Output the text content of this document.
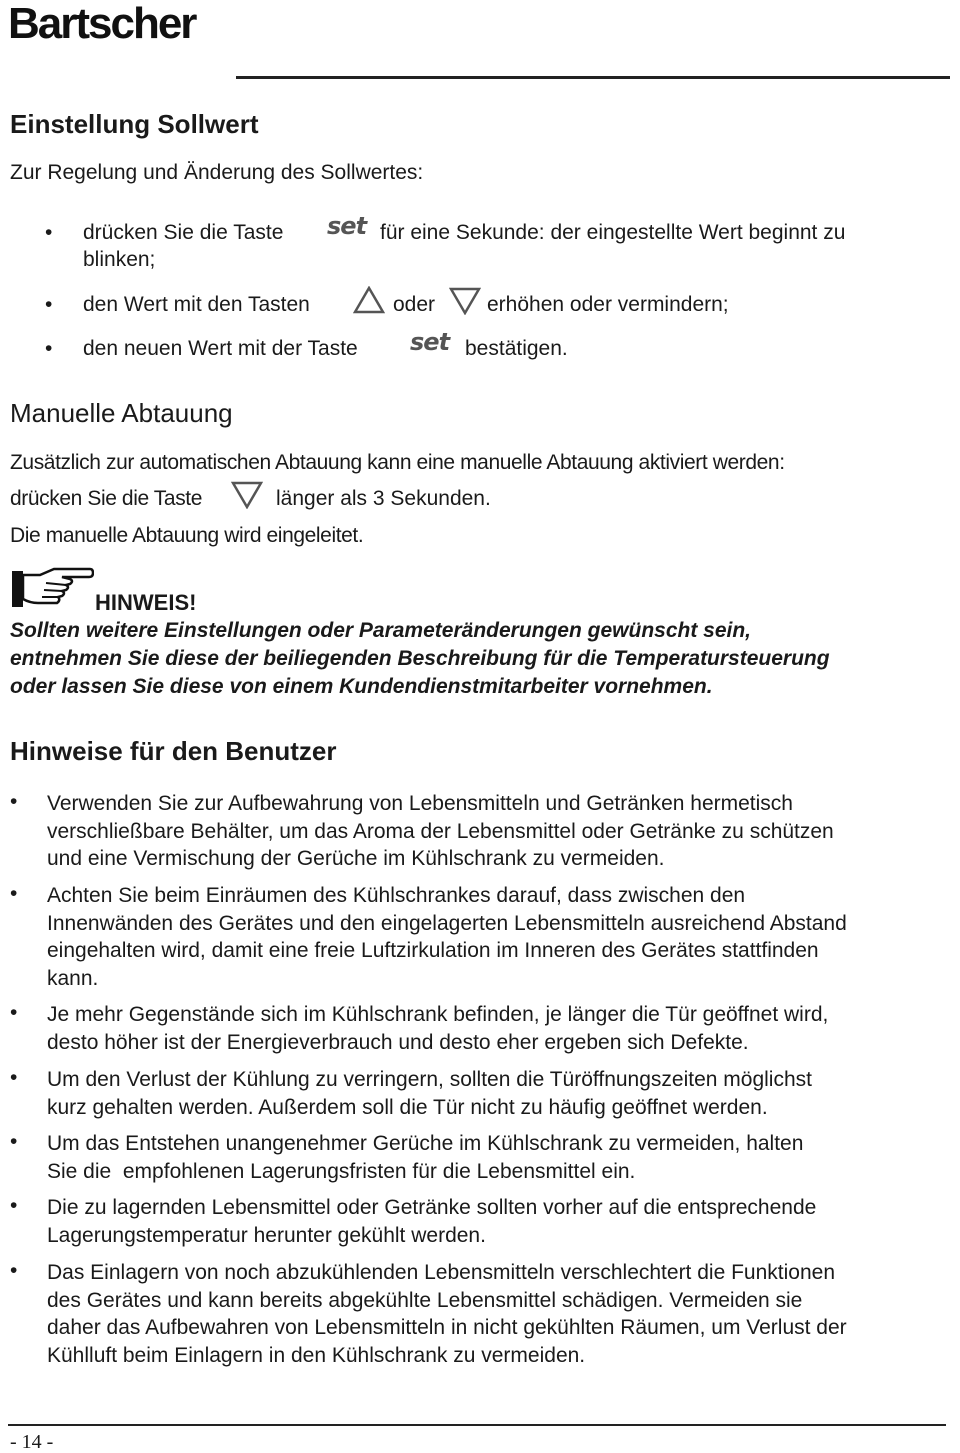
Bartscher
Einstellung Sollwert
Zur Regelung und Änderung des Sollwertes:
• drücken Sie die Taste set für eine Sekunde: der eingestellte Wert beginnt zu
blinken;
• den Wert mit den Tasten	oder erhöhen oder vermindern;
• den neuen Wert mit der Taste set bestätigen.
Manuelle Abtauung
Zusätzlich zur automatischen Abtauung kann eine manuelle Abtauung aktiviert werden:
drücken Sie die Taste	länger als 3 Sekunden.
Die manuelle Abtauung wird eingeleitet.
HINWEIS!
Sollten weitere Einstellungen oder Parameteränderungen gewünscht sein,
entnehmen Sie diese der beiliegenden Beschreibung für die Temperatursteuerung
oder lassen Sie diese von einem Kundendienstmitarbeiter vornehmen.
Hinweise für den Benutzer
• Verwenden Sie zur Aufbewahrung von Lebensmitteln und Getränken hermetisch
verschließbare Behälter, um das Aroma der Lebensmittel oder Getränke zu schützen
und eine Vermischung der Gerüche im Kühlschrank zu vermeiden.
• Achten Sie beim Einräumen des Kühlschrankes darauf, dass zwischen den
Innenwänden des Gerätes und den eingelagerten Lebensmitteln ausreichend Abstand
eingehalten wird, damit eine freie Luftzirkulation im Inneren des Gerätes stattfinden
kann.
• Je mehr Gegenstände sich im Kühlschrank befinden, je länger die Tür geöffnet wird,
desto höher ist der Energieverbrauch und desto eher ergeben sich Defekte.
• Um den Verlust der Kühlung zu verringern, sollten die Türöffnungszeiten möglichst
kurz gehalten werden. Außerdem soll die Tür nicht zu häufig geöffnet werden.
• Um das Entstehen unangenehmer Gerüche im Kühlschrank zu vermeiden, halten
Sie die  empfohlenen Lagerungsfristen für die Lebensmittel ein.
• Die zu lagernden Lebensmittel oder Getränke sollten vorher auf die entsprechende
Lagerungstemperatur herunter gekühlt werden.
• Das Einlagern von noch abzukühlenden Lebensmitteln verschlechtert die Funktionen
des Gerätes und kann bereits abgekühlte Lebensmittel schädigen. Vermeiden sie
daher das Aufbewahren von Lebensmitteln in nicht gekühlten Räumen, um Verlust der
Kühlluft beim Einlagern in den Kühlschrank zu vermeiden.
- 14 -
